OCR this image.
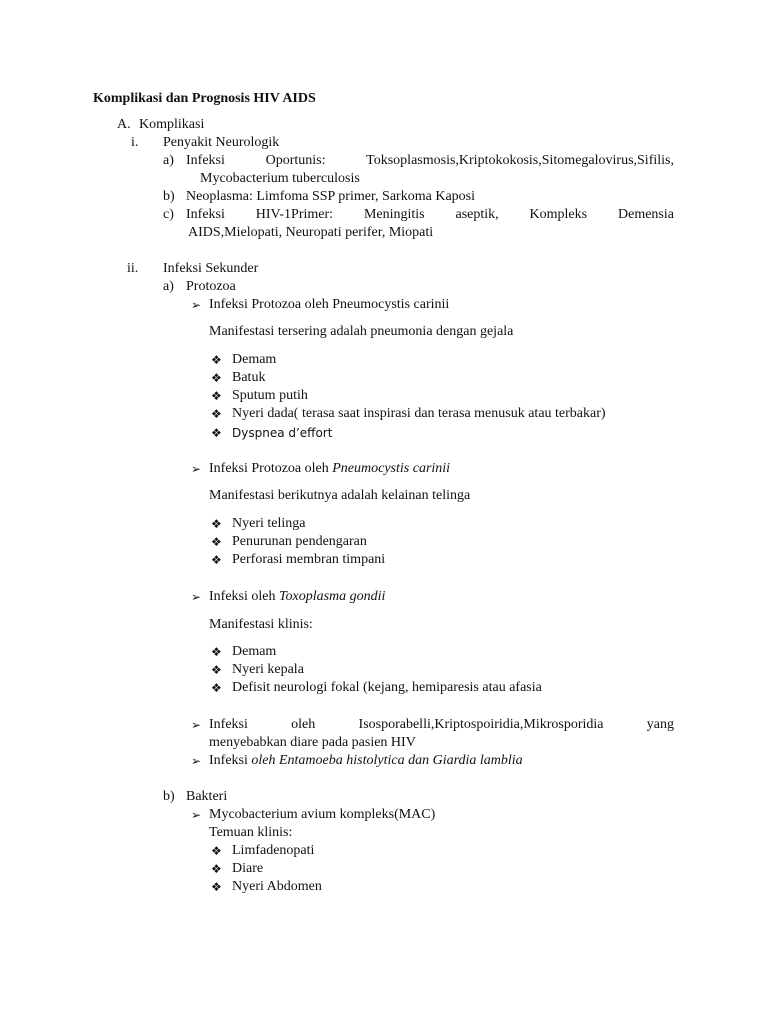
Komplikasi dan Prognosis HIV AIDS
A. Komplikasi
i. Penyakit Neurologik
a) Infeksi	Oportunis:	Toksoplasmosis,Kriptokokosis,Sitomegalovirus,Sifilis,
Mycobacterium tuberculosis
b) Neoplasma: Limfoma SSP primer, Sarkoma Kaposi
c) Infeksi HIV-1Primer: Meningitis aseptik, Kompleks Demensia
AIDS,Mielopati, Neuropati perifer, Miopati
ii. Infeksi Sekunder
a) Protozoa
➢ Infeksi Protozoa oleh Pneumocystis carinii
Manifestasi tersering adalah pneumonia dengan gejala
❖ Demam
❖ Batuk
❖ Sputum putih
❖ Nyeri dada( terasa saat inspirasi dan terasa menusuk atau terbakar)
❖ Dyspnea d’effort
➢ Infeksi Protozoa oleh Pneumocystis carinii
Manifestasi berikutnya adalah kelainan telinga
❖ Nyeri telinga
❖ Penurunan pendengaran
❖ Perforasi membran timpani
➢ Infeksi oleh Toxoplasma gondii
Manifestasi klinis:
❖ Demam
❖ Nyeri kepala
❖ Defisit neurologi fokal (kejang, hemiparesis atau afasia
➢ Infeksi	oleh	Isosporabelli,Kriptospoiridia,Mikrosporidia	yang
menyebabkan diare pada pasien HIV
➢ Infeksi oleh Entamoeba histolytica dan Giardia lamblia
b) Bakteri
➢ Mycobacterium avium kompleks(MAC)
Temuan klinis:
❖ Limfadenopati
❖ Diare
❖ Nyeri Abdomen
